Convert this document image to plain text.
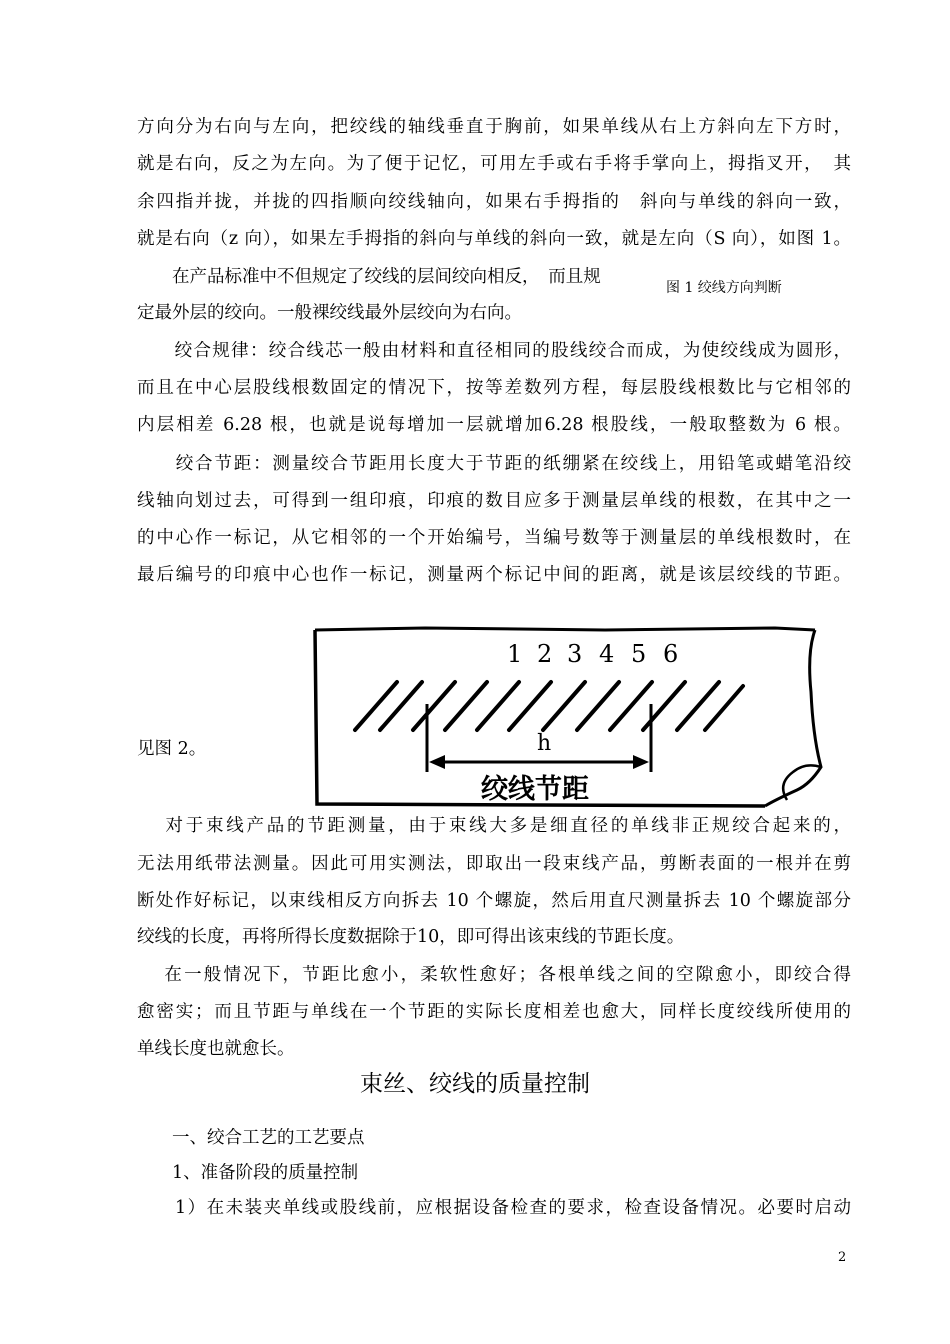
方向分为右向与左向，把绞线的轴线垂直于胸前，如果单线从右上方斜向左下方时，
就是右向，反之为左向。为了便于记忆，可用左手或右手将手掌向上，拇指叉开，　其
余四指并拢，并拢的四指顺向绞线轴向，如果右手拇指的　斜向与单线的斜向一致，
就是右向（z 向），如果左手拇指的斜向与单线的斜向一致，就是左向（S 向），如图 1。
　　在产品标准中不但规定了绞线的层间绞向相反，　而且规
定最外层的绞向。一般裸绞线最外层绞向为右向。
图 1 绞线方向判断
　　绞合规律：绞合线芯一般由材料和直径相同的股线绞合而成，为使绞线成为圆形，
而且在中心层股线根数固定的情况下，按等差数列方程，每层股线根数比与它相邻的
内层相差 6.28 根，也就是说每增加一层就增加6.28 根股线，一般取整数为 6 根。
　　绞合节距：测量绞合节距用长度大于节距的纸绷紧在绞线上，用铅笔或蜡笔沿绞
线轴向划过去，可得到一组印痕，印痕的数目应多于测量层单线的根数，在其中之一
的中心作一标记，从它相邻的一个开始编号，当编号数等于测量层的单线根数时，在
最后编号的印痕中心也作一标记，测量两个标记中间的距离，就是该层绞线的节距。
见图 2。
1 2 3 4 5 6
h
绞线节距
　 对于束线产品的节距测量，由于束线大多是细直径的单线非正规绞合起来的，
无法用纸带法测量。因此可用实测法，即取出一段束线产品，剪断表面的一根并在剪
断处作好标记，以束线相反方向拆去 10 个螺旋，然后用直尺测量拆去 10 个螺旋部分
绞线的长度，再将所得长度数据除于10，即可得出该束线的节距长度。
　 在一般情况下，节距比愈小，柔软性愈好；各根单线之间的空隙愈小，即绞合得
愈密实；而且节距与单线在一个节距的实际长度相差也愈大，同样长度绞线所使用的
单线长度也就愈长。
束丝、绞线的质量控制
　　一、绞合工艺的工艺要点
　　1、准备阶段的质量控制
　　1）在未装夹单线或股线前，应根据设备检查的要求，检查设备情况。必要时启动
2
